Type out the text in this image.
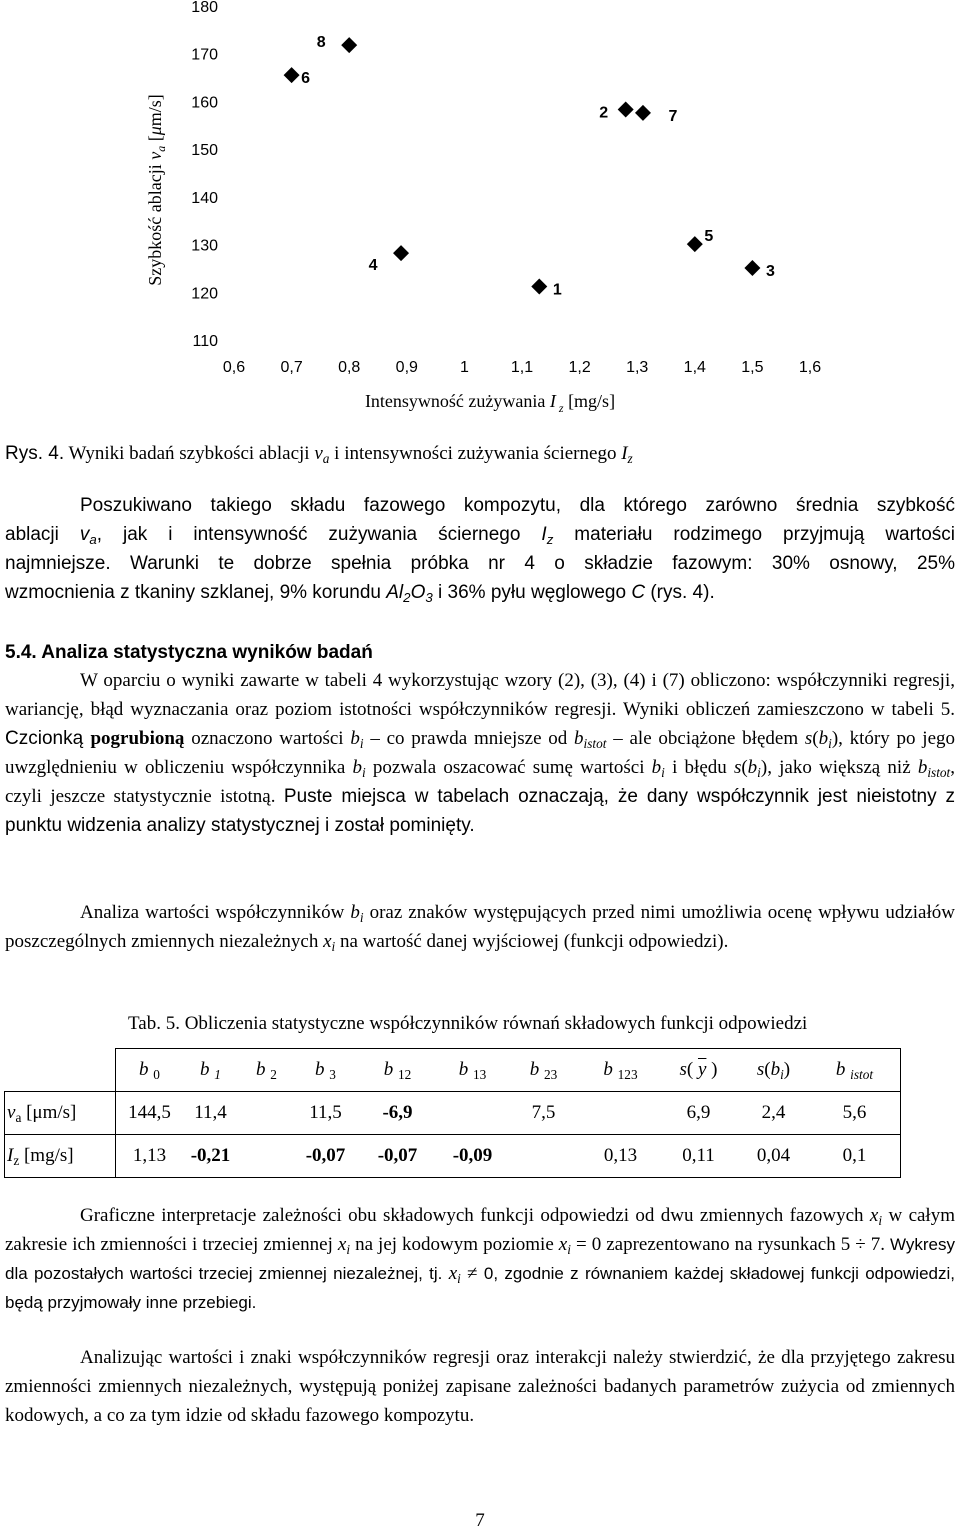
110
120
130
140
150
160
170
180
0,6 0,7 0,8 0,9	1	1,1 1,2 1,3 1,4 1,5 1,6
1
2
3
4
5
6
7
8
Szybkość ablacji $v_a$ [μm/s]
Intensywność zużywania I $_z$ [mg/s]
Rys. 4. Wyniki badań szybkości ablacji $v_a$ i intensywności zużywania ściernego $I_z$
Poszukiwano takiego składu fazowego kompozytu, dla którego zarówno średnia szybkość
ablacji $v_a$, jak i intensywność zużywania ściernego $I_z$ materiału rodzimego przyjmują wartości
najmniejsze. Warunki te dobrze spełnia próbka nr 4 o składzie fazowym: 30% osnowy, 25%
wzmocnienia z tkaniny szklanej, 9% korundu $Al_2O_3$ i 36% pyłu węglowego C (rys. 4).
5.4. Analiza statystyczna wyników badań
W oparciu o wyniki zawarte w tabeli 4 wykorzystując wzory (2), (3), (4) i (7) obliczono: współczynniki regresji, wariancję, błąd wyznaczania oraz poziom istotności współczynników regresji. Wyniki obliczeń zamieszczono w tabeli 5. Czcionką pogrubioną oznaczono wartości $b_i$ – co prawda mniejsze od $b_{istot}$ – ale obciążone błędem $s(b_i)$, który po jego uwzględnieniu w obliczeniu współczynnika $b_i$ pozwala oszacować sumę wartości $b_i$ i błędu $s(b_i)$, jako większą niż $b_{istot}$, czyli jeszcze statystycznie istotną. Puste miejsca w tabelach oznaczają, że dany współczynnik jest nieistotny z punktu widzenia analizy statystycznej i został pominięty.
Analiza wartości współczynników $b_i$ oraz znaków występujących przed nimi umożliwia ocenę wpływu udziałów poszczególnych zmiennych niezależnych $x_i$ na wartość danej wyjściowej (funkcji odpowiedzi).
Tab. 5. Obliczenia statystyczne współczynników równań składowych funkcji odpowiedzi
	b $_0$	b $_1$	b $_2$	b $_3$	b $_{12}$	b $_{13}$	b $_{23}$	b $_{123}$	s( $\overline{y}$ )	$s(b_i)$	b $_{istot}$
$v_a$ [μm/s]	144,5	11,4		11,5	-6,9		7,5		6,9	2,4	5,6
$I_z$ [mg/s]	1,13	-0,21		-0,07	-0,07	-0,09		0,13	0,11	0,04	0,1
Graficzne interpretacje zależności obu składowych funkcji odpowiedzi od dwu zmiennych fazowych $x_i$ w całym zakresie ich zmienności i trzeciej zmiennej $x_i$ na jej kodowym poziomie $x_i = 0$ zaprezentowano na rysunkach 5 ÷ 7. Wykresy dla pozostałych wartości trzeciej zmiennej niezależnej, tj. $x_i \ne 0$, zgodnie z równaniem każdej składowej funkcji odpowiedzi, będą przyjmowały inne przebiegi.
Analizując wartości i znaki współczynników regresji oraz interakcji należy stwierdzić, że dla przyjętego zakresu zmienności zmiennych niezależnych, występują poniżej zapisane zależności badanych parametrów zużycia od zmiennych kodowych, a co za tym idzie od składu fazowego kompozytu.
7
